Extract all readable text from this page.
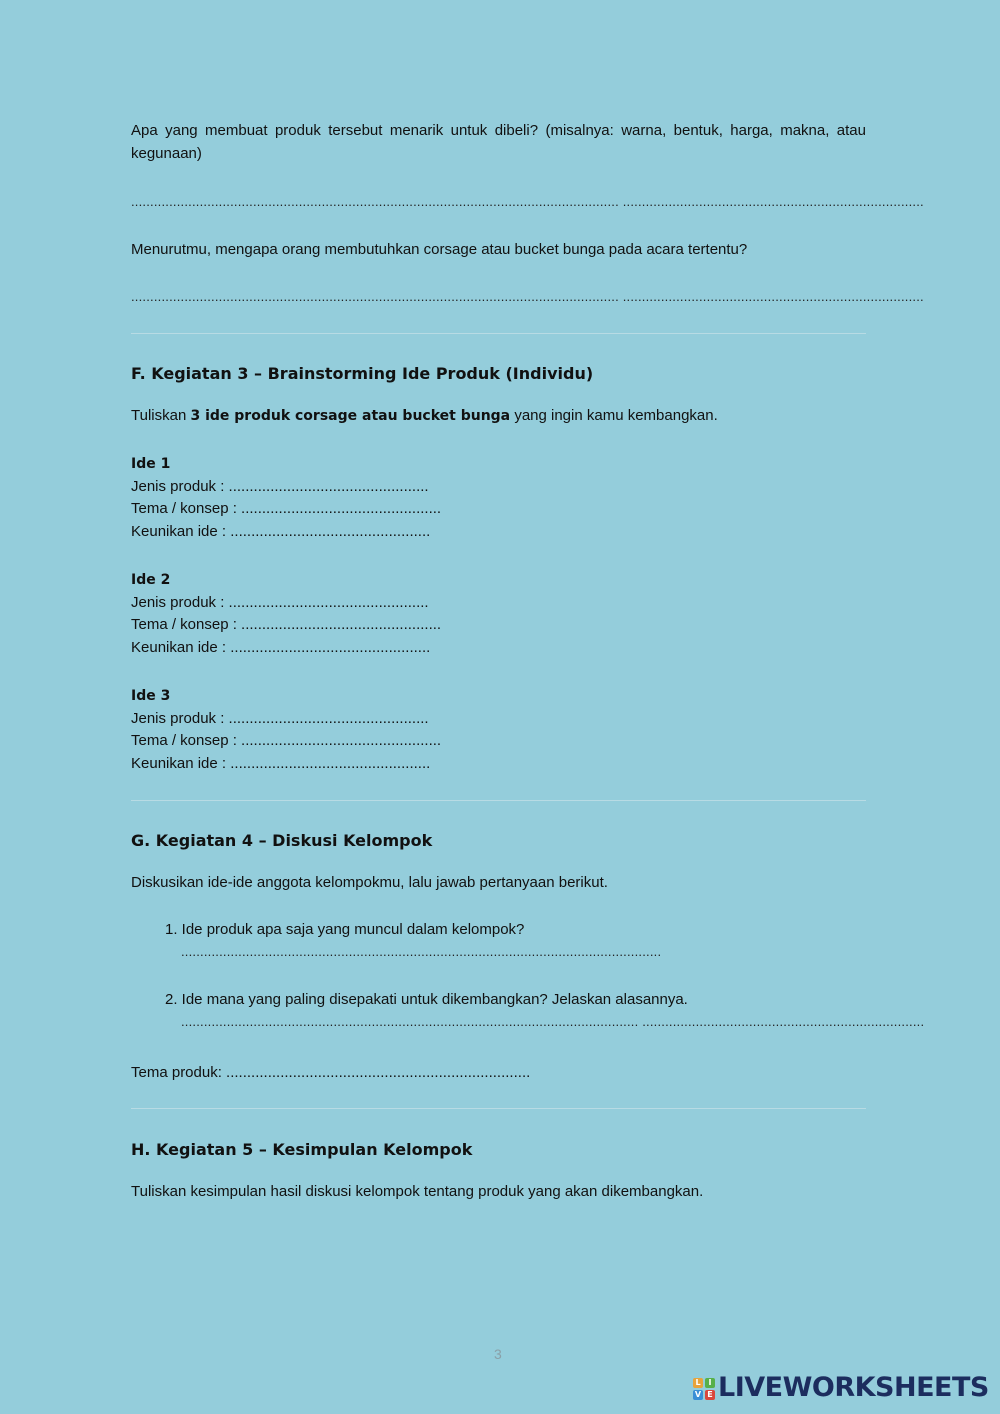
Apa yang membuat produk tersebut menarik untuk dibeli? (misalnya: warna, bentuk, harga, makna, atau kegunaan)
................................................................................................................................ ...............................................................................
Menurutmu, mengapa orang membutuhkan corsage atau bucket bunga pada acara tertentu?
................................................................................................................................ ...............................................................................
F. Kegiatan 3 – Brainstorming Ide Produk (Individu)
Tuliskan 3 ide produk corsage atau bucket bunga yang ingin kamu kembangkan.
Ide 1
Jenis produk : ................................................
Tema / konsep : ................................................
Keunikan ide : ................................................
Ide 2
Jenis produk : ................................................
Tema / konsep : ................................................
Keunikan ide : ................................................
Ide 3
Jenis produk : ................................................
Tema / konsep : ................................................
Keunikan ide : ................................................
G. Kegiatan 4 – Diskusi Kelompok
Diskusikan ide-ide anggota kelompokmu, lalu jawab pertanyaan berikut.
1. Ide produk apa saja yang muncul dalam kelompok?
..............................................................................................................................
2. Ide mana yang paling disepakati untuk dikembangkan? Jelaskan alasannya.
........................................................................................................................ ..........................................................................
Tema produk: .........................................................................
H. Kegiatan 5 – Kesimpulan Kelompok
Tuliskan kesimpulan hasil diskusi kelompok tentang produk yang akan dikembangkan.
3
L I
V E LIVEWORKSHEETS
